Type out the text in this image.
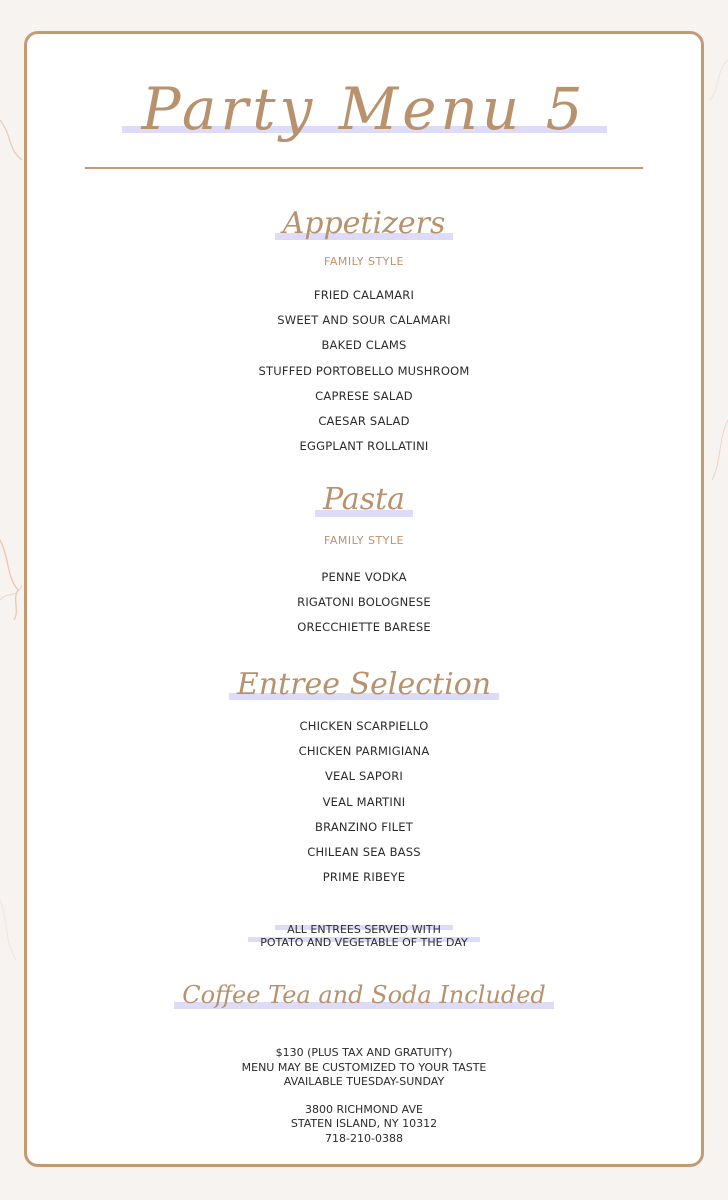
Party Menu 5
Appetizers
FAMILY STYLE
FRIED CALAMARI
SWEET AND SOUR CALAMARI
BAKED CLAMS
STUFFED PORTOBELLO MUSHROOM
CAPRESE SALAD
CAESAR SALAD
EGGPLANT ROLLATINI
Pasta
FAMILY STYLE
PENNE VODKA
RIGATONI BOLOGNESE
ORECCHIETTE BARESE
Entree Selection
CHICKEN SCARPIELLO
CHICKEN PARMIGIANA
VEAL SAPORI
VEAL MARTINI
BRANZINO FILET
CHILEAN SEA BASS
PRIME RIBEYE
ALL ENTREES SERVED WITH

POTATO AND VEGETABLE OF THE DAY
Coffee Tea and Soda Included
$130 (PLUS TAX AND GRATUITY)
MENU MAY BE CUSTOMIZED TO YOUR TASTE
AVAILABLE TUESDAY-SUNDAY
3800 RICHMOND AVE
STATEN ISLAND, NY 10312
718-210-0388
